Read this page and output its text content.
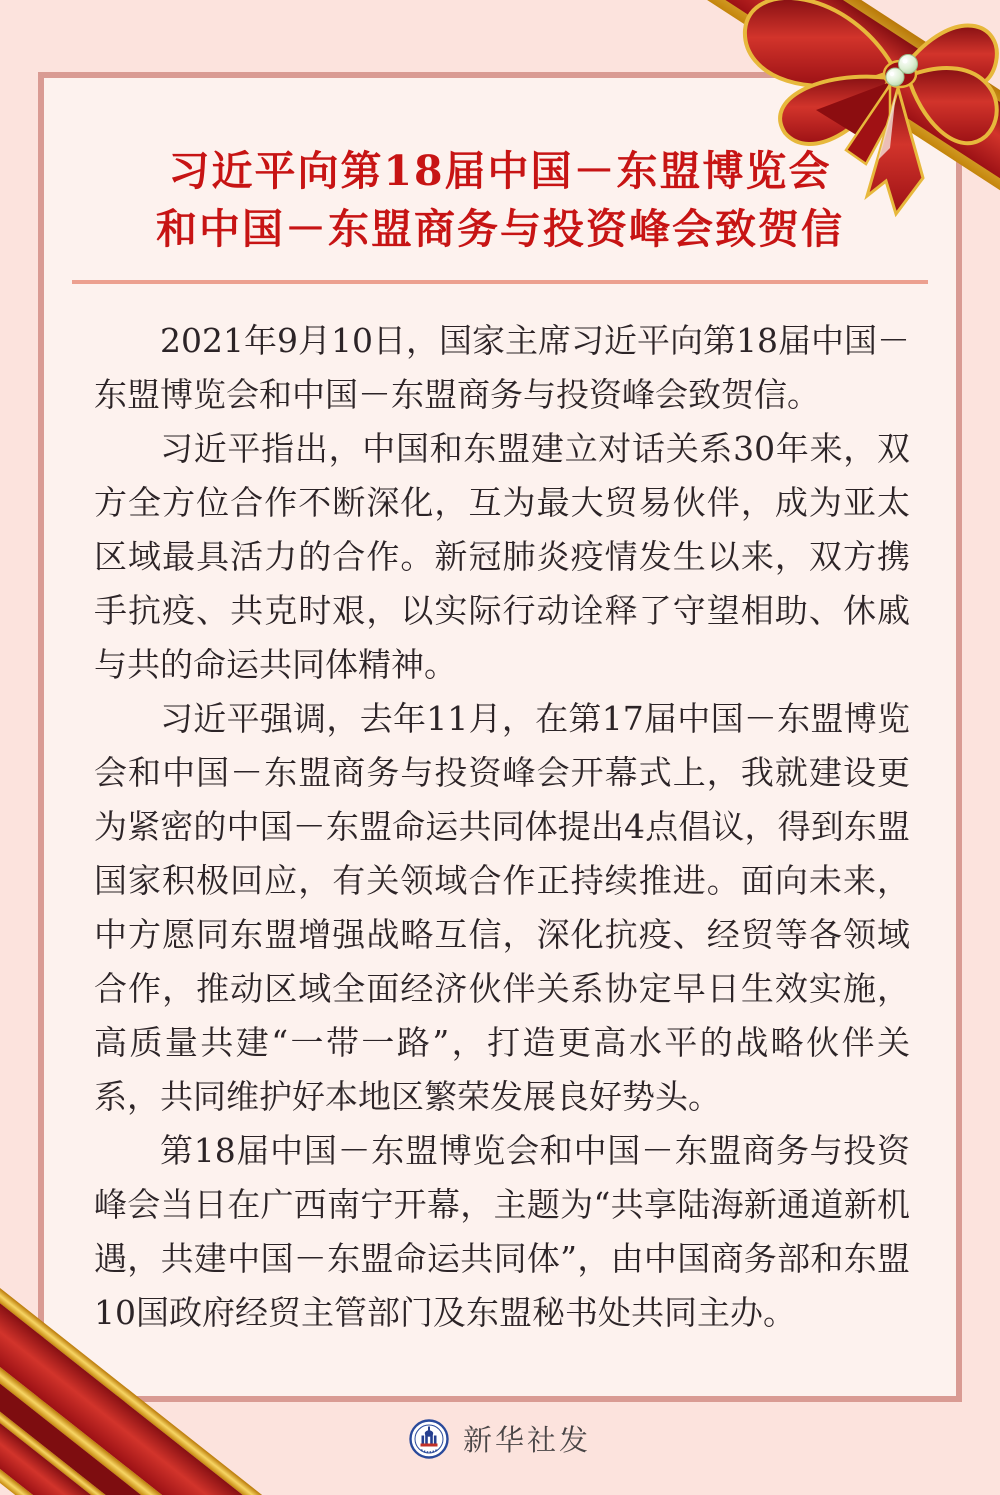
习近平向第18届中国－东盟博览会
和中国－东盟商务与投资峰会致贺信

2021年9月10日，国家主席习近平向第18届中国－东盟博览会和中国－东盟商务与投资峰会致贺信。

习近平指出，中国和东盟建立对话关系30年来，双方全方位合作不断深化，互为最大贸易伙伴，成为亚太区域最具活力的合作。新冠肺炎疫情发生以来，双方携手抗疫、共克时艰，以实际行动诠释了守望相助、休戚与共的命运共同体精神。

习近平强调，去年11月，在第17届中国－东盟博览会和中国－东盟商务与投资峰会开幕式上，我就建设更为紧密的中国－东盟命运共同体提出4点倡议，得到东盟国家积极回应，有关领域合作正持续推进。面向未来，中方愿同东盟增强战略互信，深化抗疫、经贸等各领域合作，推动区域全面经济伙伴关系协定早日生效实施，高质量共建“一带一路”，打造更高水平的战略伙伴关系，共同维护好本地区繁荣发展良好势头。

第18届中国－东盟博览会和中国－东盟商务与投资峰会当日在广西南宁开幕，主题为“共享陆海新通道新机遇，共建中国－东盟命运共同体”，由中国商务部和东盟10国政府经贸主管部门及东盟秘书处共同主办。

新华社发
